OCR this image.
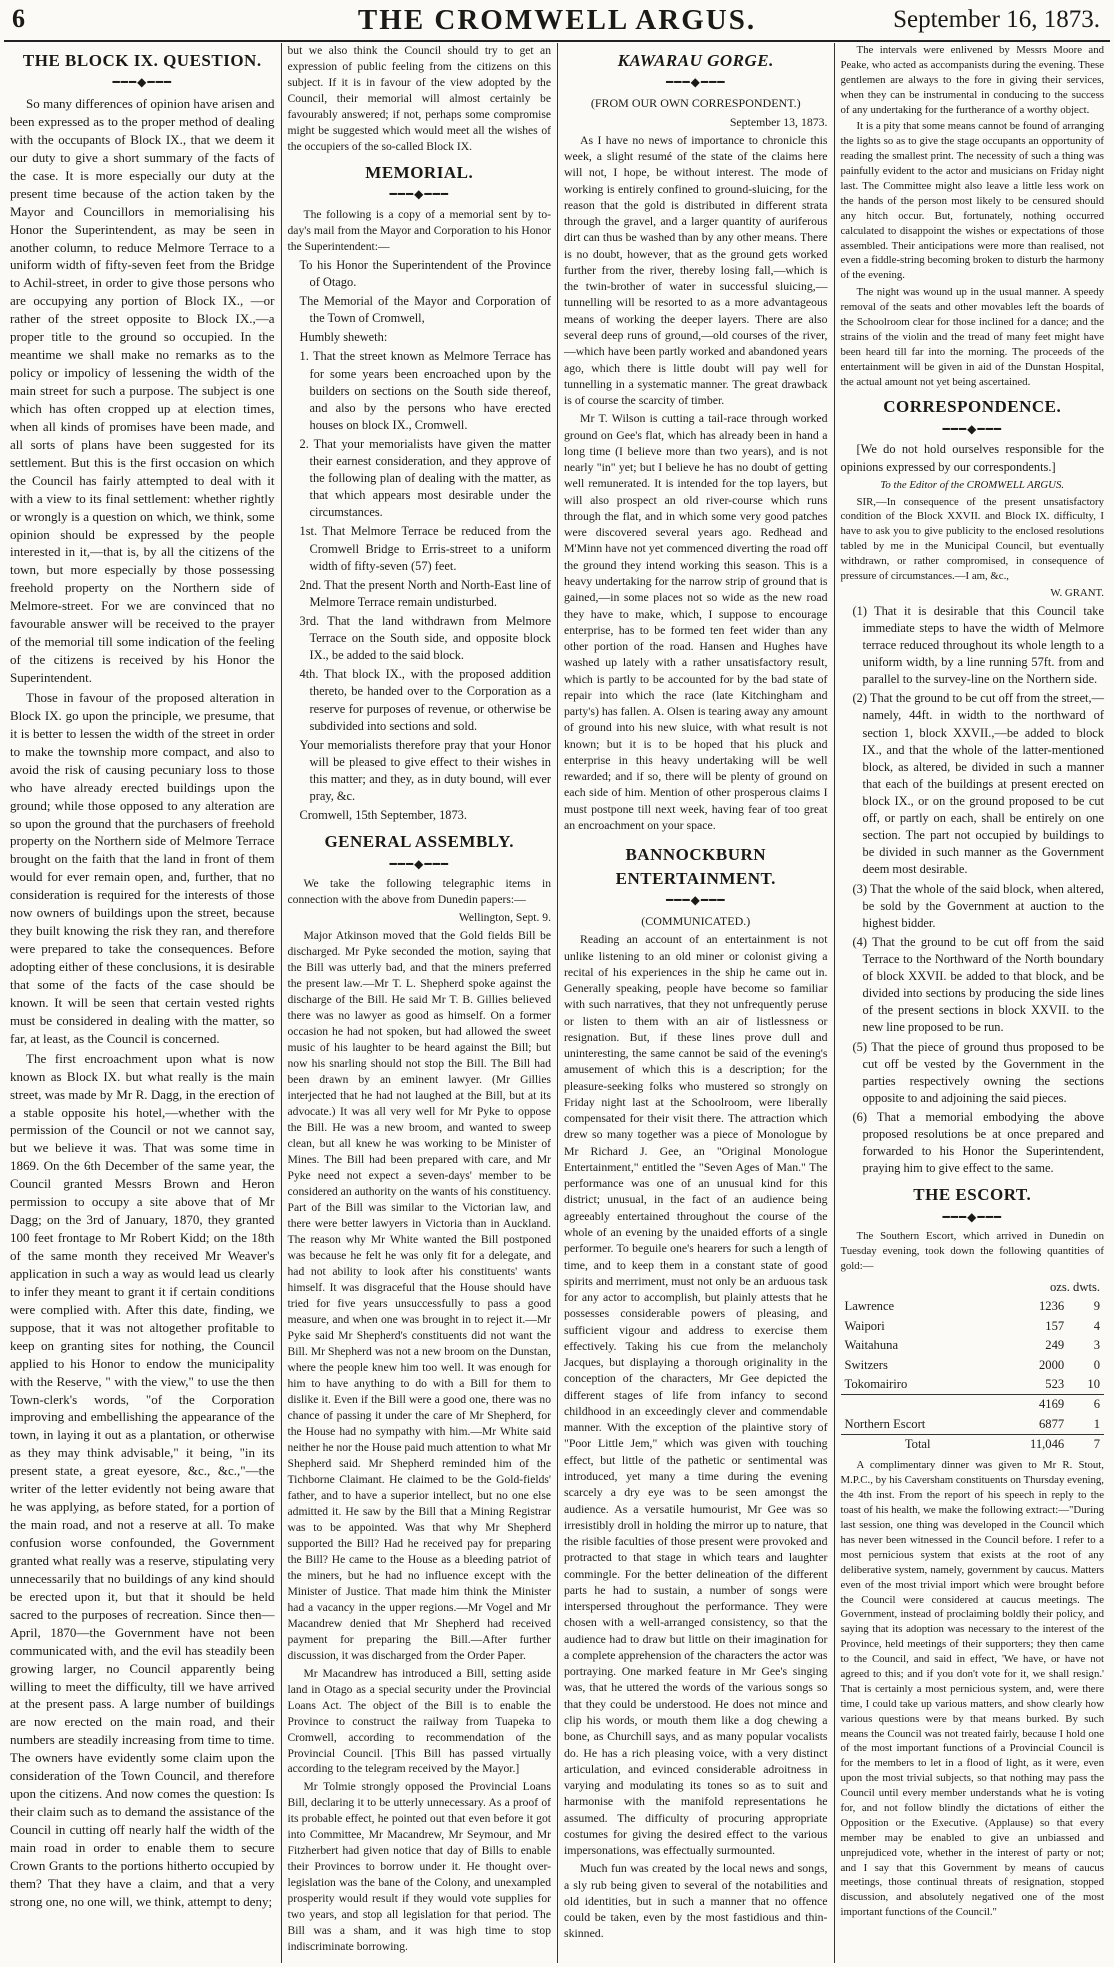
6	THE CROMWELL ARGUS.	September 16, 1873.
THE BLOCK IX. QUESTION.
━━━◆━━━

So many differences of opinion have arisen and been expressed as to the proper method of dealing with the occupants of Block IX., that we deem it our duty to give a short summary of the facts of the case. It is more especially our duty at the present time because of the action taken by the Mayor and Councillors in memorialising his Honor the Superintendent, as may be seen in another column, to reduce Melmore Terrace to a uniform width of fifty-seven feet from the Bridge to Achil-street, in order to give those persons who are occupying any portion of Block IX., —or rather of the street opposite to Block IX.,—a proper title to the ground so occupied. In the meantime we shall make no remarks as to the policy or impolicy of lessening the width of the main street for such a purpose. The subject is one which has often cropped up at election times, when all kinds of promises have been made, and all sorts of plans have been suggested for its settlement. But this is the first occasion on which the Council has fairly attempted to deal with it with a view to its final settlement: whether rightly or wrongly is a question on which, we think, some opinion should be expressed by the people interested in it,—that is, by all the citizens of the town, but more especially by those possessing freehold property on the Northern side of Melmore-street. For we are convinced that no favourable answer will be received to the prayer of the memorial till some indication of the feeling of the citizens is received by his Honor the Superintendent.

Those in favour of the proposed alteration in Block IX. go upon the principle, we presume, that it is better to lessen the width of the street in order to make the township more compact, and also to avoid the risk of causing pecuniary loss to those who have already erected buildings upon the ground; while those opposed to any alteration are so upon the ground that the purchasers of freehold property on the Northern side of Melmore Terrace brought on the faith that the land in front of them would for ever remain open, and, further, that no consideration is required for the interests of those now owners of buildings upon the street, because they built knowing the risk they ran, and therefore were prepared to take the consequences. Before adopting either of these conclusions, it is desirable that some of the facts of the case should be known. It will be seen that certain vested rights must be considered in dealing with the matter, so far, at least, as the Council is concerned.

The first encroachment upon what is now known as Block IX. but what really is the main street, was made by Mr R. Dagg, in the erection of a stable opposite his hotel,—whether with the permission of the Council or not we cannot say, but we believe it was. That was some time in 1869. On the 6th December of the same year, the Council granted Messrs Brown and Heron permission to occupy a site above that of Mr Dagg; on the 3rd of January, 1870, they granted 100 feet frontage to Mr Robert Kidd; on the 18th of the same month they received Mr Weaver's application in such a way as would lead us clearly to infer they meant to grant it if certain conditions were complied with. After this date, finding, we suppose, that it was not altogether profitable to keep on granting sites for nothing, the Council applied to his Honor to endow the municipality with the Reserve, " with the view," to use the then Town-clerk's words, "of the Corporation improving and embellishing the appearance of the town, in laying it out as a plantation, or otherwise as they may think advisable," it being, "in its present state, a great eyesore, &c., &c.,"—the writer of the letter evidently not being aware that he was applying, as before stated, for a portion of the main road, and not a reserve at all. To make confusion worse confounded, the Government granted what really was a reserve, stipulating very unnecessarily that no buildings of any kind should be erected upon it, but that it should be held sacred to the purposes of recreation. Since then—April, 1870—the Government have not been communicated with, and the evil has steadily been growing larger, no Council apparently being willing to meet the difficulty, till we have arrived at the present pass. A large number of buildings are now erected on the main road, and their numbers are steadily increasing from time to time. The owners have evidently some claim upon the consideration of the Town Council, and therefore upon the citizens. And now comes the question: Is their claim such as to demand the assistance of the Council in cutting off nearly half the width of the main road in order to enable them to secure Crown Grants to the portions hitherto occupied by them? That they have a claim, and that a very strong one, no one will, we think, attempt to deny;

but we also think the Council should try to get an expression of public feeling from the citizens on this subject. If it is in favour of the view adopted by the Council, their memorial will almost certainly be favourably answered; if not, perhaps some compromise might be suggested which would meet all the wishes of the occupiers of the so-called Block IX.

MEMORIAL.
━━━◆━━━

The following is a copy of a memorial sent by to-day's mail from the Mayor and Corporation to his Honor the Superintendent:—

To his Honor the Superintendent of the Province of Otago.

The Memorial of the Mayor and Corporation of the Town of Cromwell,

Humbly sheweth:

1. That the street known as Melmore Terrace has for some years been encroached upon by the builders on sections on the South side thereof, and also by the persons who have erected houses on block IX., Cromwell.

2. That your memorialists have given the matter their earnest consideration, and they approve of the following plan of dealing with the matter, as that which appears most desirable under the circumstances.

1st. That Melmore Terrace be reduced from the Cromwell Bridge to Erris-street to a uniform width of fifty-seven (57) feet.

2nd. That the present North and North-East line of Melmore Terrace remain undisturbed.

3rd. That the land withdrawn from Melmore Terrace on the South side, and opposite block IX., be added to the said block.

4th. That block IX., with the proposed addition thereto, be handed over to the Corporation as a reserve for purposes of revenue, or otherwise be subdivided into sections and sold.

Your memorialists therefore pray that your Honor will be pleased to give effect to their wishes in this matter; and they, as in duty bound, will ever pray, &c.

Cromwell, 15th September, 1873.

GENERAL ASSEMBLY.
━━━◆━━━

We take the following telegraphic items in connection with the above from Dunedin papers:—

Wellington, Sept. 9.

Major Atkinson moved that the Gold fields Bill be discharged. Mr Pyke seconded the motion, saying that the Bill was utterly bad, and that the miners preferred the present law.—Mr T. L. Shepherd spoke against the discharge of the Bill. He said Mr T. B. Gillies believed there was no lawyer as good as himself. On a former occasion he had not spoken, but had allowed the sweet music of his laughter to be heard against the Bill; but now his snarling should not stop the Bill. The Bill had been drawn by an eminent lawyer. (Mr Gillies interjected that he had not laughed at the Bill, but at its advocate.) It was all very well for Mr Pyke to oppose the Bill. He was a new broom, and wanted to sweep clean, but all knew he was working to be Minister of Mines. The Bill had been prepared with care, and Mr Pyke need not expect a seven-days' member to be considered an authority on the wants of his constituency. Part of the Bill was similar to the Victorian law, and there were better lawyers in Victoria than in Auckland. The reason why Mr White wanted the Bill postponed was because he felt he was only fit for a delegate, and had not ability to look after his constituents' wants himself. It was disgraceful that the House should have tried for five years unsuccessfully to pass a good measure, and when one was brought in to reject it.—Mr Pyke said Mr Shepherd's constituents did not want the Bill. Mr Shepherd was not a new broom on the Dunstan, where the people knew him too well. It was enough for him to have anything to do with a Bill for them to dislike it. Even if the Bill were a good one, there was no chance of passing it under the care of Mr Shepherd, for the House had no sympathy with him.—Mr White said neither he nor the House paid much attention to what Mr Shepherd said. Mr Shepherd reminded him of the Tichborne Claimant. He claimed to be the Gold-fields' father, and to have a superior intellect, but no one else admitted it. He saw by the Bill that a Mining Registrar was to be appointed. Was that why Mr Shepherd supported the Bill? Had he received pay for preparing the Bill? He came to the House as a bleeding patriot of the miners, but he had no influence except with the Minister of Justice. That made him think the Minister had a vacancy in the upper regions.—Mr Vogel and Mr Macandrew denied that Mr Shepherd had received payment for preparing the Bill.—After further discussion, it was discharged from the Order Paper.

Mr Macandrew has introduced a Bill, setting aside land in Otago as a special security under the Provincial Loans Act. The object of the Bill is to enable the Province to construct the railway from Tuapeka to Cromwell, according to recommendation of the Provincial Council. [This Bill has passed virtually according to the telegram received by the Mayor.]

Mr Tolmie strongly opposed the Provincial Loans Bill, declaring it to be utterly unnecessary. As a proof of its probable effect, he pointed out that even before it got into Committee, Mr Macandrew, Mr Seymour, and Mr Fitzherbert had given notice that day of Bills to enable their Provinces to borrow under it. He thought over-legislation was the bane of the Colony, and unexampled prosperity would result if they would vote supplies for two years, and stop all legislation for that period. The Bill was a sham, and it was high time to stop indiscriminate borrowing.

KAWARAU GORGE.
━━━◆━━━

(FROM OUR OWN CORRESPONDENT.)

September 13, 1873.

As I have no news of importance to chronicle this week, a slight resumé of the state of the claims here will not, I hope, be without interest. The mode of working is entirely confined to ground-sluicing, for the reason that the gold is distributed in different strata through the gravel, and a larger quantity of auriferous dirt can thus be washed than by any other means. There is no doubt, however, that as the ground gets worked further from the river, thereby losing fall,—which is the twin-brother of water in successful sluicing,—tunnelling will be resorted to as a more advantageous means of working the deeper layers. There are also several deep runs of ground,—old courses of the river,—which have been partly worked and abandoned years ago, which there is little doubt will pay well for tunnelling in a systematic manner. The great drawback is of course the scarcity of timber.

Mr T. Wilson is cutting a tail-race through worked ground on Gee's flat, which has already been in hand a long time (I believe more than two years), and is not nearly "in" yet; but I believe he has no doubt of getting well remunerated. It is intended for the top layers, but will also prospect an old river-course which runs through the flat, and in which some very good patches were discovered several years ago. Redhead and M'Minn have not yet commenced diverting the road off the ground they intend working this season. This is a heavy undertaking for the narrow strip of ground that is gained,—in some places not so wide as the new road they have to make, which, I suppose to encourage enterprise, has to be formed ten feet wider than any other portion of the road. Hansen and Hughes have washed up lately with a rather unsatisfactory result, which is partly to be accounted for by the bad state of repair into which the race (late Kitchingham and party's) has fallen. A. Olsen is tearing away any amount of ground into his new sluice, with what result is not known; but it is to be hoped that his pluck and enterprise in this heavy undertaking will be well rewarded; and if so, there will be plenty of ground on each side of him. Mention of other prosperous claims I must postpone till next week, having fear of too great an encroachment on your space.

BANNOCKBURN ENTERTAINMENT.
━━━◆━━━

(COMMUNICATED.)

Reading an account of an entertainment is not unlike listening to an old miner or colonist giving a recital of his experiences in the ship he came out in. Generally speaking, people have become so familiar with such narratives, that they not unfrequently peruse or listen to them with an air of listlessness or resignation. But, if these lines prove dull and uninteresting, the same cannot be said of the evening's amusement of which this is a description; for the pleasure-seeking folks who mustered so strongly on Friday night last at the Schoolroom, were liberally compensated for their visit there. The attraction which drew so many together was a piece of Monologue by Mr Richard J. Gee, an "Original Monologue Entertainment," entitled the "Seven Ages of Man." The performance was one of an unusual kind for this district; unusual, in the fact of an audience being agreeably entertained throughout the course of the whole of an evening by the unaided efforts of a single performer. To beguile one's hearers for such a length of time, and to keep them in a constant state of good spirits and merriment, must not only be an arduous task for any actor to accomplish, but plainly attests that he possesses considerable powers of pleasing, and sufficient vigour and address to exercise them effectively. Taking his cue from the melancholy Jacques, but displaying a thorough originality in the conception of the characters, Mr Gee depicted the different stages of life from infancy to second childhood in an exceedingly clever and commendable manner. With the exception of the plaintive story of "Poor Little Jem," which was given with touching effect, but little of the pathetic or sentimental was introduced, yet many a time during the evening scarcely a dry eye was to be seen amongst the audience. As a versatile humourist, Mr Gee was so irresistibly droll in holding the mirror up to nature, that the risible faculties of those present were provoked and protracted to that stage in which tears and laughter commingle. For the better delineation of the different parts he had to sustain, a number of songs were interspersed throughout the performance. They were chosen with a well-arranged consistency, so that the audience had to draw but little on their imagination for a complete apprehension of the characters the actor was portraying. One marked feature in Mr Gee's singing was, that he uttered the words of the various songs so that they could be understood. He does not mince and clip his words, or mouth them like a dog chewing a bone, as Churchill says, and as many popular vocalists do. He has a rich pleasing voice, with a very distinct articulation, and evinced considerable adroitness in varying and modulating its tones so as to suit and harmonise with the manifold representations he assumed. The difficulty of procuring appropriate costumes for giving the desired effect to the various impersonations, was effectually surmounted.

Much fun was created by the local news and songs, a sly rub being given to several of the notabilities and old identities, but in such a manner that no offence could be taken, even by the most fastidious and thin-skinned.

The intervals were enlivened by Messrs Moore and Peake, who acted as accompanists during the evening. These gentlemen are always to the fore in giving their services, when they can be instrumental in conducing to the success of any undertaking for the furtherance of a worthy object.

It is a pity that some means cannot be found of arranging the lights so as to give the stage occupants an opportunity of reading the smallest print. The necessity of such a thing was painfully evident to the actor and musicians on Friday night last. The Committee might also leave a little less work on the hands of the person most likely to be censured should any hitch occur. But, fortunately, nothing occurred calculated to disappoint the wishes or expectations of those assembled. Their anticipations were more than realised, not even a fiddle-string becoming broken to disturb the harmony of the evening.

The night was wound up in the usual manner. A speedy removal of the seats and other movables left the boards of the Schoolroom clear for those inclined for a dance; and the strains of the violin and the tread of many feet might have been heard till far into the morning. The proceeds of the entertainment will be given in aid of the Dunstan Hospital, the actual amount not yet being ascertained.

CORRESPONDENCE.
━━━◆━━━

[We do not hold ourselves responsible for the opinions expressed by our correspondents.]

To the Editor of the CROMWELL ARGUS.

SIR,—In consequence of the present unsatisfactory condition of the Block XXVII. and Block IX. difficulty, I have to ask you to give publicity to the enclosed resolutions tabled by me in the Municipal Council, but eventually withdrawn, or rather compromised, in consequence of pressure of circumstances.—I am, &c.,

W. GRANT.

(1) That it is desirable that this Council take immediate steps to have the width of Melmore terrace reduced throughout its whole length to a uniform width, by a line running 57ft. from and parallel to the survey-line on the Northern side.

(2) That the ground to be cut off from the street,—namely, 44ft. in width to the northward of section 1, block XXVII.,—be added to block IX., and that the whole of the latter-mentioned block, as altered, be divided in such a manner that each of the buildings at present erected on block IX., or on the ground proposed to be cut off, or partly on each, shall be entirely on one section. The part not occupied by buildings to be divided in such manner as the Government deem most desirable.

(3) That the whole of the said block, when altered, be sold by the Government at auction to the highest bidder.

(4) That the ground to be cut off from the said Terrace to the Northward of the North boundary of block XXVII. be added to that block, and be divided into sections by producing the side lines of the present sections in block XXVII. to the new line proposed to be run.

(5) That the piece of ground thus proposed to be cut off be vested by the Government in the parties respectively owning the sections opposite to and adjoining the said pieces.

(6) That a memorial embodying the above proposed resolutions be at once prepared and forwarded to his Honor the Superintendent, praying him to give effect to the same.

THE ESCORT.
━━━◆━━━

The Southern Escort, which arrived in Dunedin on Tuesday evening, took down the following quantities of gold:—

	ozs. dwts.	
Lawrence	1236	9
Waipori	157	4
Waitahuna	249	3
Switzers	2000	0
Tokomairiro	523	10
	4169	6
Northern Escort	6877	1
Total	11,046	7

A complimentary dinner was given to Mr R. Stout, M.P.C., by his Caversham constituents on Thursday evening, the 4th inst. From the report of his speech in reply to the toast of his health, we make the following extract:—"During last session, one thing was developed in the Council which has never been witnessed in the Council before. I refer to a most pernicious system that exists at the root of any deliberative system, namely, government by caucus. Matters even of the most trivial import which were brought before the Council were considered at caucus meetings. The Government, instead of proclaiming boldly their policy, and saying that its adoption was necessary to the interest of the Province, held meetings of their supporters; they then came to the Council, and said in effect, 'We have, or have not agreed to this; and if you don't vote for it, we shall resign.' That is certainly a most pernicious system, and, were there time, I could take up various matters, and show clearly how various questions were by that means burked. By such means the Council was not treated fairly, because I hold one of the most important functions of a Provincial Council is for the members to let in a flood of light, as it were, even upon the most trivial subjects, so that nothing may pass the Council until every member understands what he is voting for, and not follow blindly the dictations of either the Opposition or the Executive. (Applause) so that every member may be enabled to give an unbiassed and unprejudiced vote, whether in the interest of party or not; and I say that this Government by means of caucus meetings, those continual threats of resignation, stopped discussion, and absolutely negatived one of the most important functions of the Council."
